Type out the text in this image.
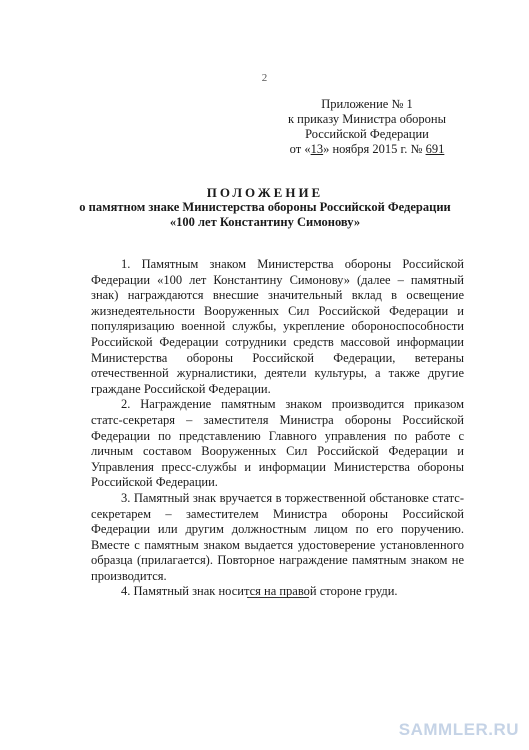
2
Приложение № 1
к приказу Министра обороны
Российской Федерации
от «13» ноября 2015 г. № 691
ПОЛОЖЕНИЕ
о памятном знаке Министерства обороны Российской Федерации
«100 лет Константину Симонову»

1. Памятным знаком Министерства обороны Российской Федерации «100 лет Константину Симонову» (далее – памятный знак) награждаются внесшие значительный вклад в освещение жизнедеятельности Вооруженных Сил Российской Федерации и популяризацию военной службы, укрепление обороноспособности Российской Федерации сотрудники средств массовой информации Министерства обороны Российской Федерации, ветераны отечественной журналистики, деятели культуры, а также другие граждане Российской Федерации.

2. Награждение памятным знаком производится приказом статс-секретаря – заместителя Министра обороны Российской Федерации по представлению Главного управления по работе с личным составом Вооруженных Сил Российской Федерации и Управления пресс-службы и информации Министерства обороны Российской Федерации.

3. Памятный знак вручается в торжественной обстановке статс-секретарем – заместителем Министра обороны Российской Федерации или другим должностным лицом по его поручению. Вместе с памятным знаком выдается удостоверение установленного образца (прилагается). Повторное награждение памятным знаком не производится.

4. Памятный знак носится на правой стороне груди.

SAMMLER.RU
